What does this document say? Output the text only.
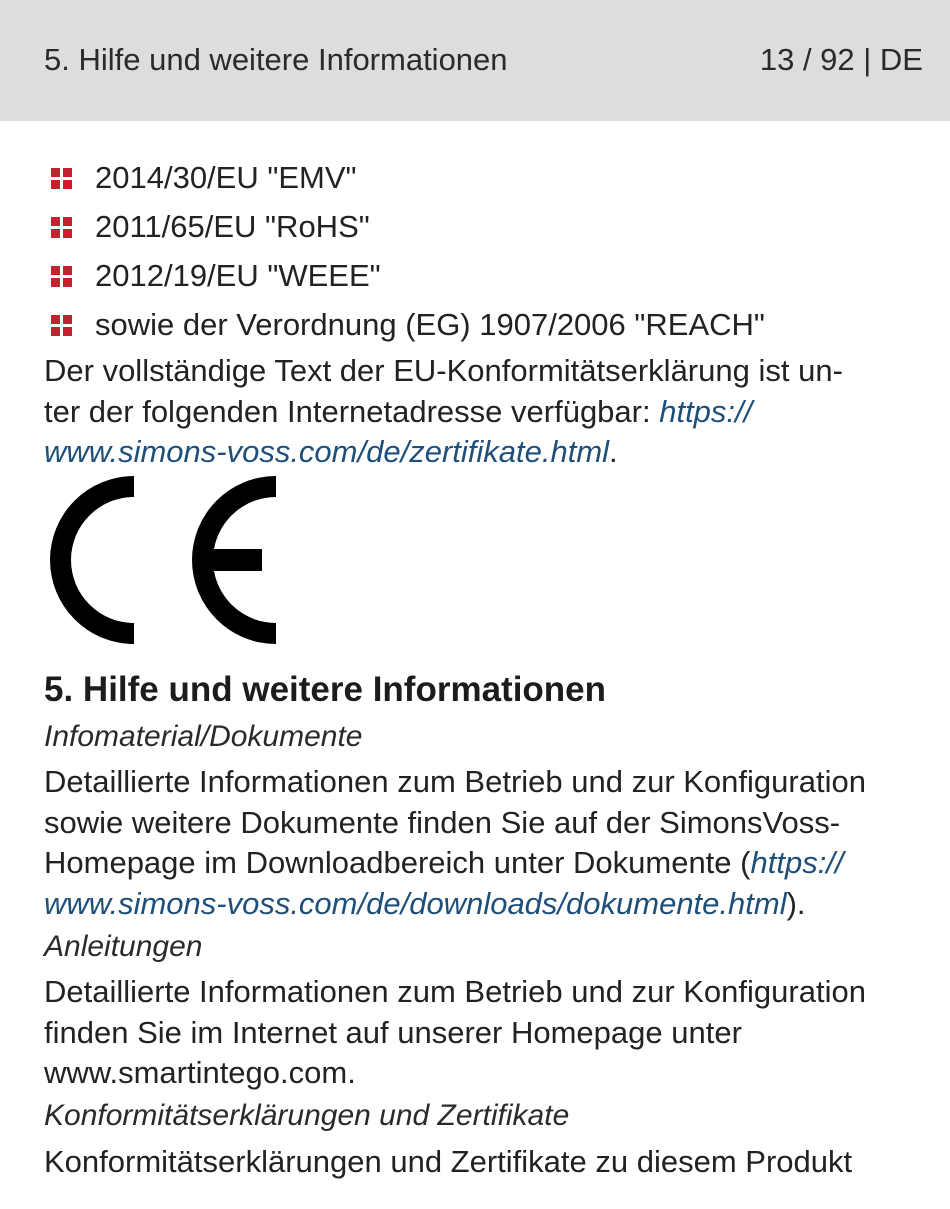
5. Hilfe und weitere Informationen	13 / 92 | DE
2014/30/EU "EMV"
2011/65/EU "RoHS"
2012/19/EU "WEEE"
sowie der Verordnung (EG) 1907/2006 "REACH"
Der vollständige Text der EU-Konformitätserklärung ist un-
ter der folgenden Internetadresse verfügbar: https://
www.simons-voss.com/de/zertifikate.html.
5. Hilfe und weitere Informationen
Infomaterial/Dokumente
Detaillierte Informationen zum Betrieb und zur Konfiguration
sowie weitere Dokumente finden Sie auf der SimonsVoss-
Homepage im Downloadbereich unter Dokumente (https://
www.simons-voss.com/de/downloads/dokumente.html).
Anleitungen
Detaillierte Informationen zum Betrieb und zur Konfiguration
finden Sie im Internet auf unserer Homepage unter
www.smartintego.com.
Konformitätserklärungen und Zertifikate
Konformitätserklärungen und Zertifikate zu diesem Produkt
